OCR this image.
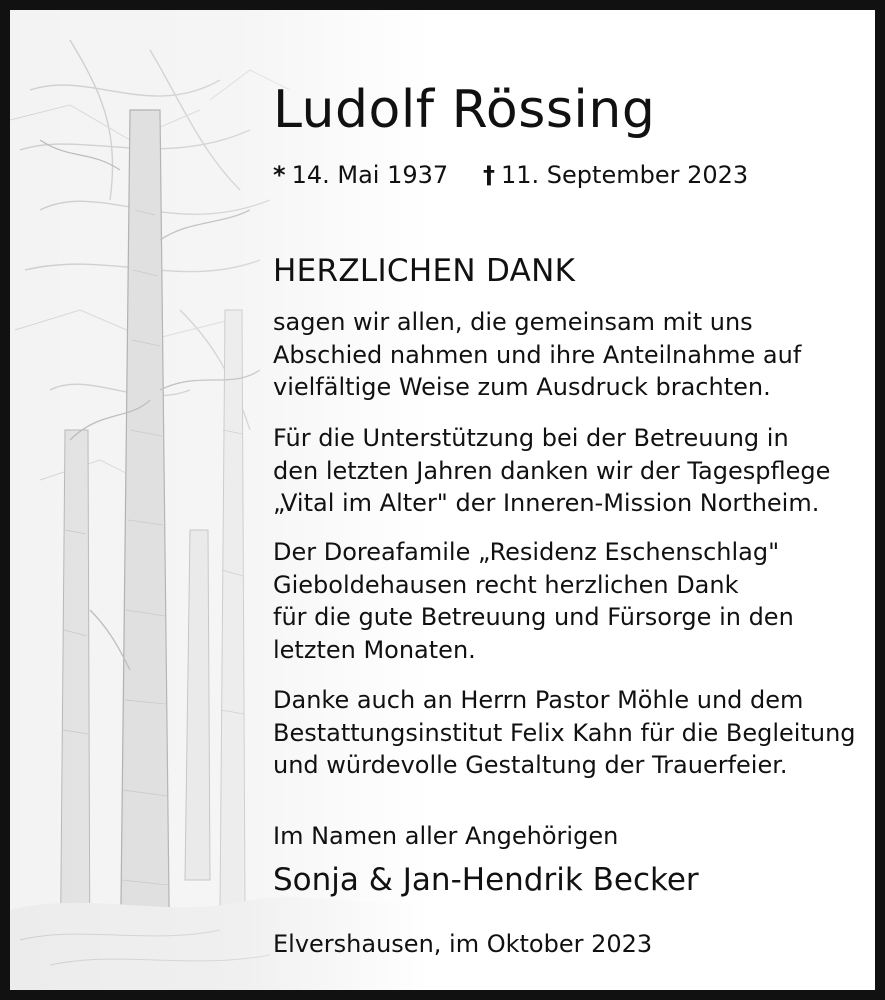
Ludolf Rössing
* 14. Mai 1937 † 11. September 2023
HERZLICHEN DANK
sagen wir allen, die gemeinsam mit uns
Abschied nahmen und ihre Anteilnahme auf
vielfältige Weise zum Ausdruck brachten.
Für die Unterstützung bei der Betreuung in
den letzten Jahren danken wir der Tagespflege
„Vital im Alter" der Inneren-Mission Northeim.
Der Doreafamile „Residenz Eschenschlag"
Gieboldehausen recht herzlichen Dank
für die gute Betreuung und Fürsorge in den
letzten Monaten.
Danke auch an Herrn Pastor Möhle und dem
Bestattungsinstitut Felix Kahn für die Begleitung
und würdevolle Gestaltung der Trauerfeier.
Im Namen aller Angehörigen
Sonja & Jan-Hendrik Becker
Elvershausen, im Oktober 2023
